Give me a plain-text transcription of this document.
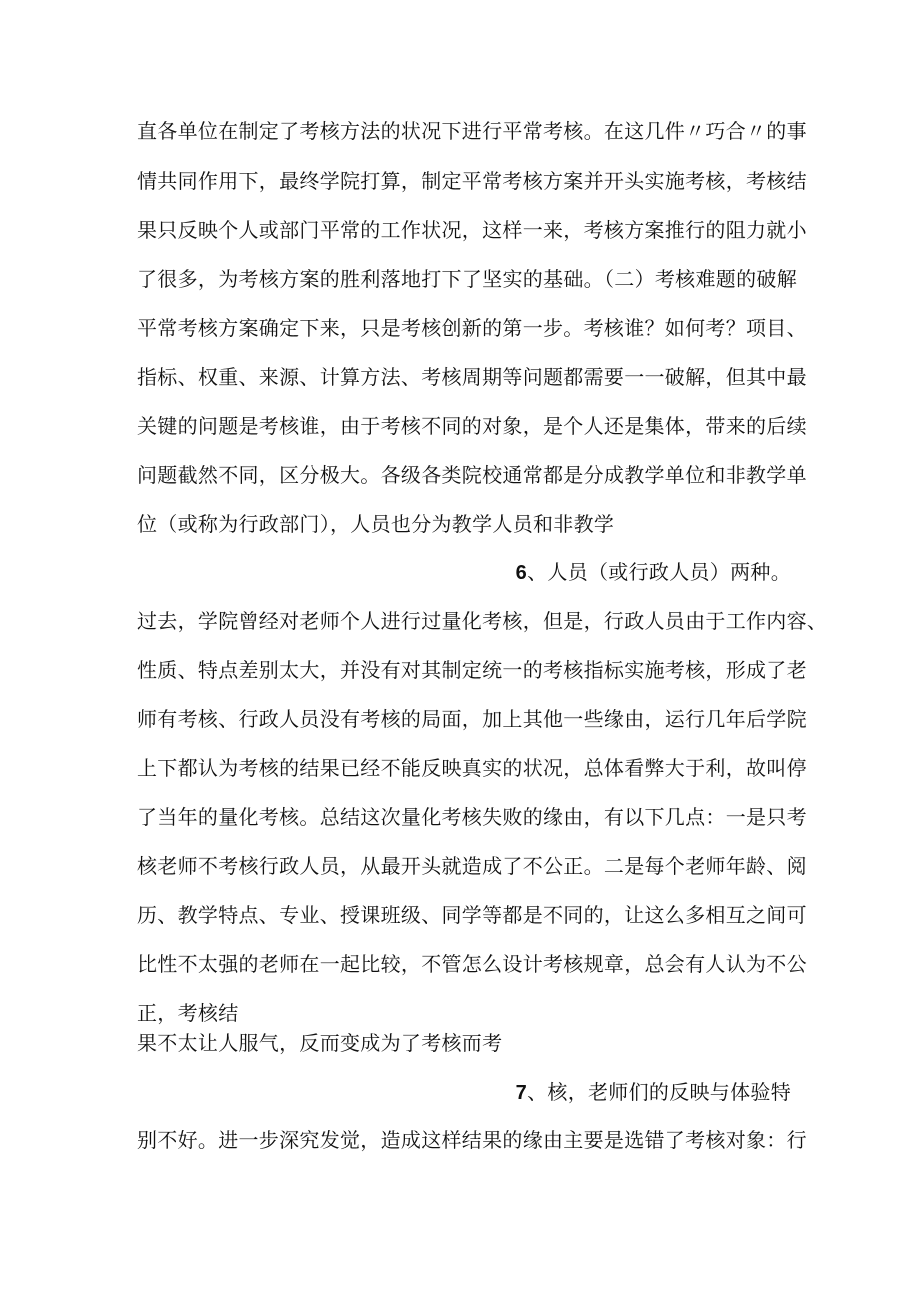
直各单位在制定了考核方法的状况下进行平常考核。在这几件〃巧合〃的事
情共同作用下，最终学院打算，制定平常考核方案并开头实施考核，考核结
果只反映个人或部门平常的工作状况，这样一来，考核方案推行的阻力就小
了很多，为考核方案的胜利落地打下了坚实的基础。（二）考核难题的破解
平常考核方案确定下来，只是考核创新的第一步。考核谁？如何考？项目、
指标、权重、来源、计算方法、考核周期等问题都需要一一破解，但其中最
关键的问题是考核谁，由于考核不同的对象，是个人还是集体，带来的后续
问题截然不同，区分极大。各级各类院校通常都是分成教学单位和非教学单
位（或称为行政部门），人员也分为教学人员和非教学
6、人员（或行政人员）两种。
过去，学院曾经对老师个人进行过量化考核，但是，行政人员由于工作内容、
性质、特点差别太大，并没有对其制定统一的考核指标实施考核，形成了老
师有考核、行政人员没有考核的局面，加上其他一些缘由，运行几年后学院
上下都认为考核的结果已经不能反映真实的状况，总体看弊大于利，故叫停
了当年的量化考核。总结这次量化考核失败的缘由，有以下几点：一是只考
核老师不考核行政人员，从最开头就造成了不公正。二是每个老师年龄、阅
历、教学特点、专业、授课班级、同学等都是不同的，让这么多相互之间可
比性不太强的老师在一起比较，不管怎么设计考核规章，总会有人认为不公
正，考核结
果不太让人服气，反而变成为了考核而考
7、核，老师们的反映与体验特
别不好。进一步深究发觉，造成这样结果的缘由主要是选错了考核对象：行
